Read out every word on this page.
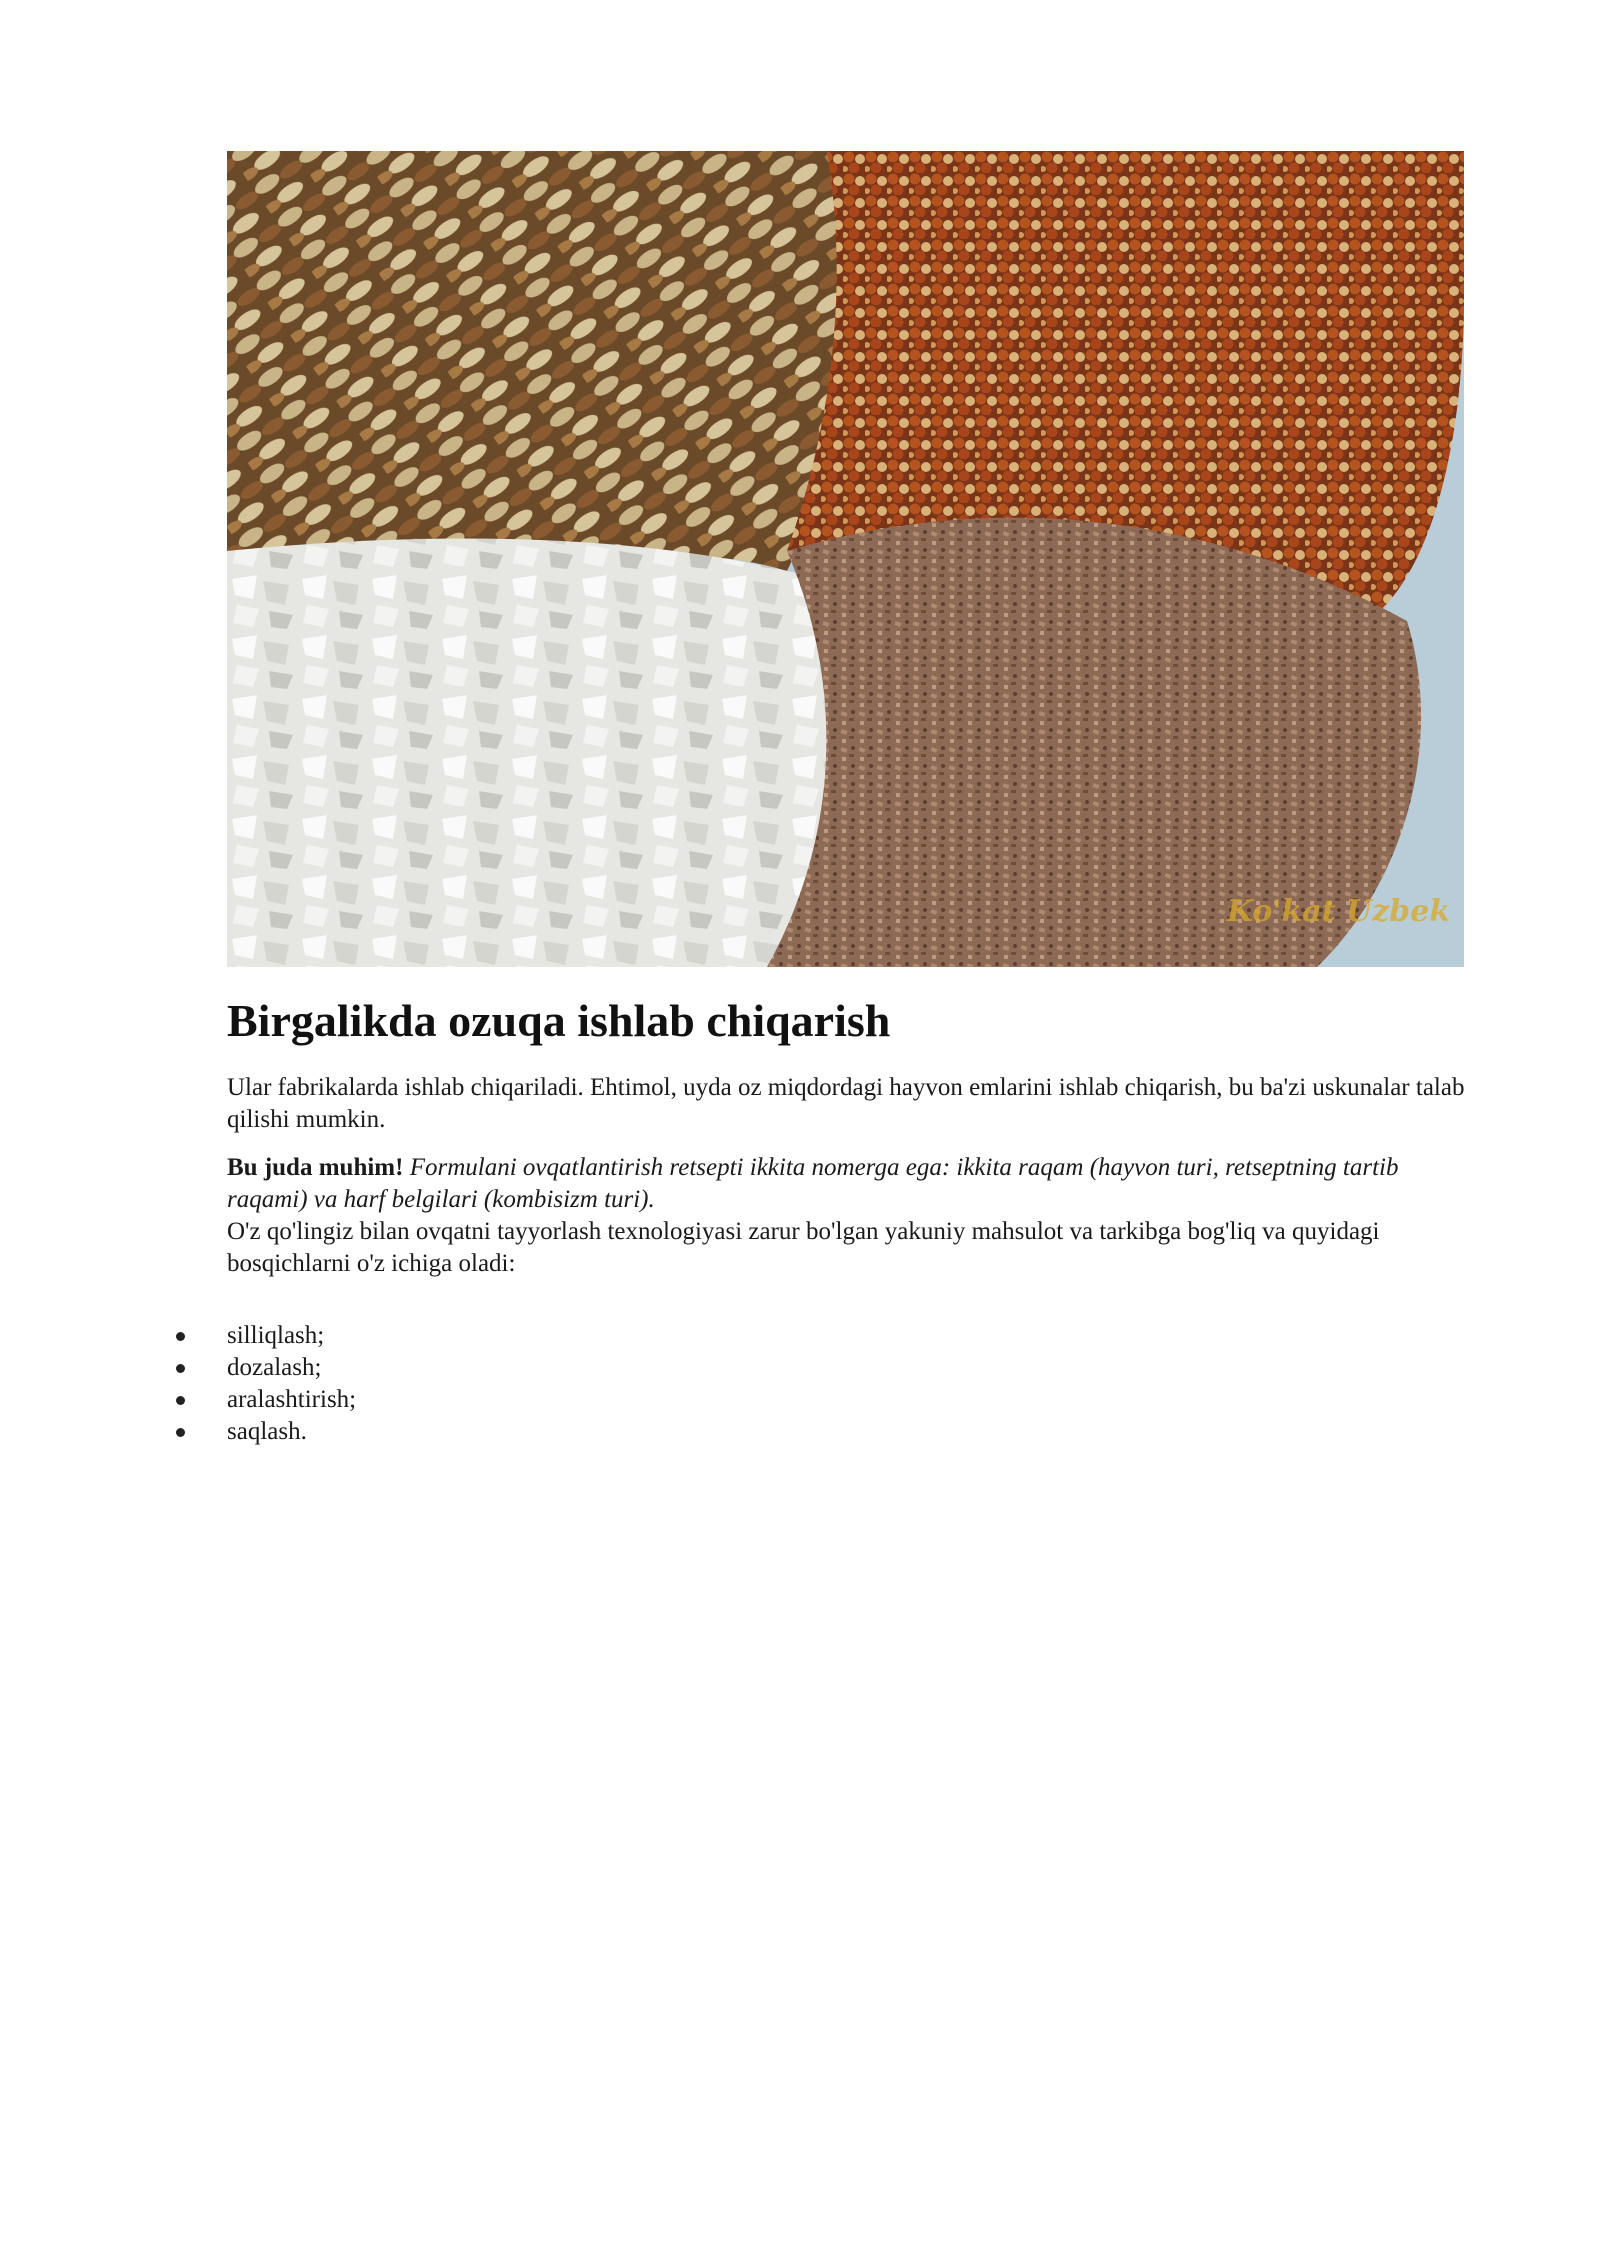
Ko'kat Uzbek
Birgalikda ozuqa ishlab chiqarish

Ular fabrikalarda ishlab chiqariladi. Ehtimol, uyda oz miqdordagi hayvon emlarini ishlab chiqarish, bu ba'zi uskunalar talab qilishi mumkin.

Bu juda muhim! Formulani ovqatlantirish retsepti ikkita nomerga ega: ikkita raqam (hayvon turi, retseptning tartib raqami) va harf belgilari (kombisizm turi).

O'z qo'lingiz bilan ovqatni tayyorlash texnologiyasi zarur bo'lgan yakuniy mahsulot va tarkibga bog'liq va quyidagi bosqichlarni o'z ichiga oladi:

silliqlash;
dozalash;
aralashtirish;
saqlash.
